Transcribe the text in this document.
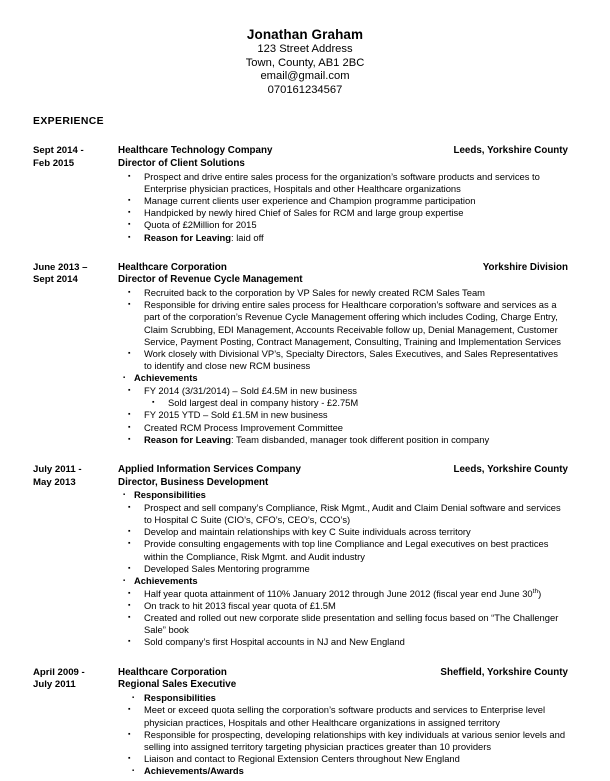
Jonathan Graham
123 Street Address
Town, County, AB1 2BC
email@gmail.com
070161234567
EXPERIENCE
Sept 2014 -
Feb 2015
Healthcare Technology Company	Leeds, Yorkshire County
Director of Client Solutions
▪ Prospect and drive entire sales process for the organization’s software products and services to Enterprise physician practices, Hospitals and other Healthcare organizations
▪ Manage current clients user experience and Champion programme participation
▪ Handpicked by newly hired Chief of Sales for RCM and large group expertise
▪ Quota of £2Million for 2015
▪ Reason for Leaving: laid off
June 2013 –
Sept 2014
Healthcare Corporation	Yorkshire Division
Director of Revenue Cycle Management
▪ Recruited back to the corporation by VP Sales for newly created RCM Sales Team
▪ Responsible for driving entire sales process for Healthcare corporation’s software and services as a part of the corporation’s Revenue Cycle Management offering which includes Coding, Charge Entry, Claim Scrubbing, EDI Management, Accounts Receivable follow up, Denial Management, Customer Service, Payment Posting, Contract Management, Consulting, Training and Implementation Services
▪ Work closely with Divisional VP’s, Specialty Directors, Sales Executives, and Sales Representatives to identify and close new RCM business
▪ Achievements
▪ FY 2014 (3/31/2014) – Sold £4.5M in new business
▪ Sold largest deal in company history - £2.75M
▪ FY 2015 YTD – Sold £1.5M in new business
▪ Created RCM Process Improvement Committee
▪ Reason for Leaving: Team disbanded, manager took different position in company
July 2011 -
May 2013
Applied Information Services Company	Leeds, Yorkshire County
Director, Business Development
▪ Responsibilities
▪ Prospect and sell company’s Compliance, Risk Mgmt., Audit and Claim Denial software and services to Hospital C Suite (CIO’s, CFO’s, CEO’s, CCO’s)
▪ Develop and maintain relationships with key C Suite individuals across territory
▪ Provide consulting engagements with top line Compliance and Legal executives on best practices within the Compliance, Risk Mgmt. and Audit industry
▪ Developed Sales Mentoring programme
▪ Achievements
▪ Half year quota attainment of 110% January 2012 through June 2012 (fiscal year end June 30th)
▪ On track to hit 2013 fiscal year quota of £1.5M
▪ Created and rolled out new corporate slide presentation and selling focus based on “The Challenger Sale” book
▪ Sold company’s first Hospital accounts in NJ and New England
April 2009 -
July 2011
Healthcare Corporation	Sheffield, Yorkshire County
Regional Sales Executive
▪ Responsibilities
▪ Meet or exceed quota selling the corporation’s software products and services to Enterprise level physician practices, Hospitals and other Healthcare organizations in assigned territory
▪ Responsible for prospecting, developing relationships with key individuals at various senior levels and selling into assigned territory targeting physician practices greater than 10 providers
▪ Liaison and contact to Regional Extension Centers throughout New England
▪ Achievements/Awards
